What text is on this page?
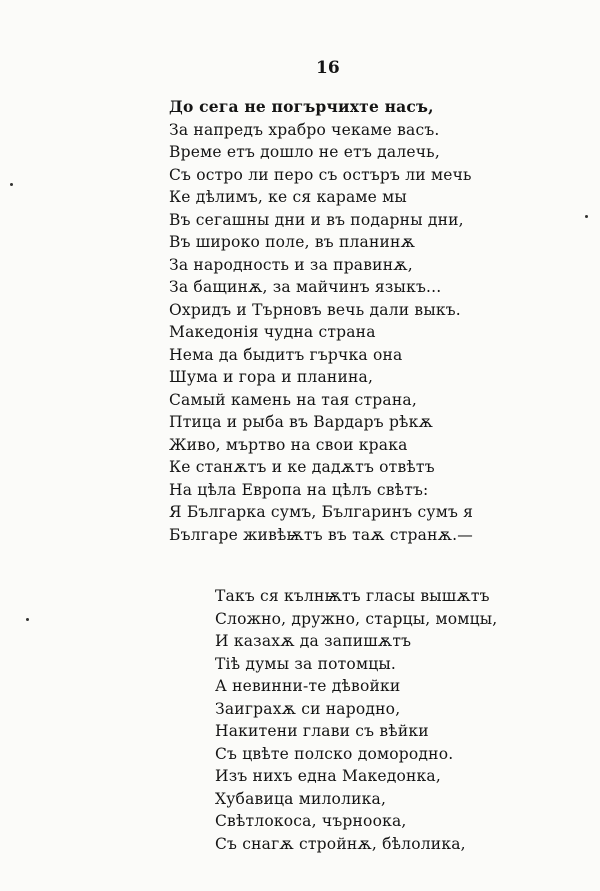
16
До сега не погърчихте насъ,
За напредъ храбро чекаме васъ.
Време етъ дошло не етъ далечь,
Съ остро ли перо съ остъръ ли мечь
Ке дѣлимъ, ке ся караме мы
Въ сегашны дни и въ подарны дни,
Въ широко поле, въ планинѫ
За народность и за правинѫ,
За бащинѫ, за майчинъ языкъ...
Охридъ и Търновъ вечь дали выкъ.
Македонія чудна страна
Нема да быдитъ гърчка она
Шума и гора и планина,
Самый камень на тая страна,
Птица и рыба въ Вардаръ рѣкѫ
Живо, мъртво на свои крака
Ке станѫтъ и ке дадѫтъ отвѣтъ
На цѣла Европа на цѣлъ свѣтъ:
Я Българка сумъ, Българинъ сумъ я
Българе живѣѭтъ въ таѫ странѫ.—
Такъ ся кълнѭтъ гласы вышѫтъ
Сложно, дружно, старцы, момцы,
И казахѫ да запишѫтъ
Тіѣ думы за потомцы.
А невинни-те дѣвойки
Заиграхѫ си народно,
Накитени глави съ вѣйки
Съ цвѣте полско домородно.
Изъ нихъ една Македонка,
Хубавица милолика,
Свѣтлокоса, чърноока,
Съ снагѫ стройнѫ, бѣлолика,
